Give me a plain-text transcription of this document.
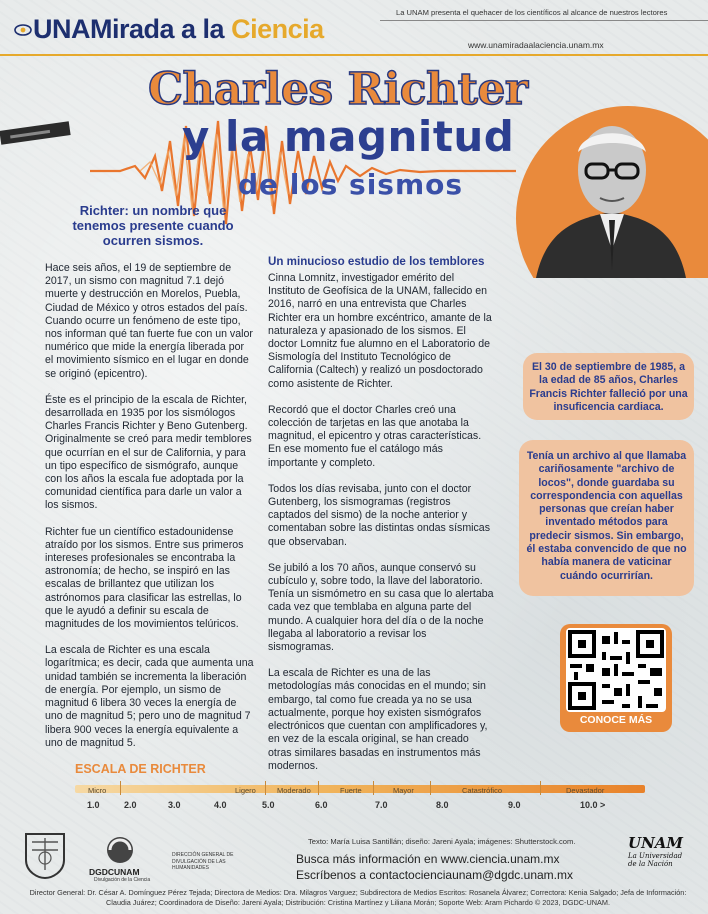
UNAMirada a la Ciencia
La UNAM presenta el quehacer de los científicos al alcance de nuestros lectores
www.unamiradaalaciencia.unam.mx
Charles Richter
y la magnitud
de los sismos
Richter: un nombre que tenemos presente cuando ocurren sismos.

Hace seis años, el 19 de septiembre de 2017, un sismo con magnitud 7.1 dejó muerte y destrucción en Morelos, Puebla, Ciudad de México y otros estados del país. Cuando ocurre un fenómeno de este tipo, nos informan qué tan fuerte fue con un valor numérico que mide la energía liberada por el movimiento sísmico en el lugar en donde se originó (epicentro).

Éste es el principio de la escala de Richter, desarrollada en 1935 por los sismólogos Charles Francis Richter y Beno Gutenberg. Originalmente se creó para medir temblores que ocurrían en el sur de California, y para un tipo específico de sismógrafo, aunque con los años la escala fue adoptada por la comunidad científica para darle un valor a los sismos.

Richter fue un científico estadounidense atraído por los sismos. Entre sus primeros intereses profesionales se encontraba la astronomía; de hecho, se inspiró en las escalas de brillantez que utilizan los astrónomos para clasificar las estrellas, lo que le ayudó a definir su escala de magnitudes de los movimientos telúricos.

La escala de Richter es una escala logarítmica; es decir, cada que aumenta una unidad también se incrementa la liberación de energía. Por ejemplo, un sismo de magnitud 6 libera 30 veces la energía de uno de magnitud 5; pero uno de magnitud 7 libera 900 veces la energía equivalente a uno de magnitud 5.

Un minucioso estudio de los temblores

Cinna Lomnitz, investigador emérito del Instituto de Geofísica de la UNAM, fallecido en 2016, narró en una entrevista que Charles Richter era un hombre excéntrico, amante de la naturaleza y apasionado de los sismos. El doctor Lomnitz fue alumno en el Laboratorio de Sismología del Instituto Tecnológico de California (Caltech) y realizó un posdoctorado como asistente de Richter.

Recordó que el doctor Charles creó una colección de tarjetas en las que anotaba la magnitud, el epicentro y otras características. En ese momento fue el catálogo más importante y completo.

Todos los días revisaba, junto con el doctor Gutenberg, los sismogramas (registros captados del sismo) de la noche anterior y comentaban sobre las distintas ondas sísmicas que observaban.

Se jubiló a los 70 años, aunque conservó su cubículo y, sobre todo, la llave del laboratorio. Tenía un sismómetro en su casa que lo alertaba cada vez que temblaba en alguna parte del mundo. A cualquier hora del día o de la noche llegaba al laboratorio a revisar los sismogramas.

La escala de Richter es una de las metodologías más conocidas en el mundo; sin embargo, tal como fue creada ya no se usa actualmente, porque hoy existen sismógrafos electrónicos que cuentan con amplificadores y, en vez de la escala original, se han creado otras similares basadas en instrumentos más modernos.

El 30 de septiembre de 1985, a la edad de 85 años, Charles Francis Richter falleció por una insuficencia cardiaca.
Tenía un archivo al que llamaba cariñosamente "archivo de locos", donde guardaba su correspondencia con aquellas personas que creían haber inventado métodos para predecir sismos. Sin embargo, él estaba convencido de que no había manera de vaticinar cuándo ocurrirían.
CONOCE MÁS
ESCALA DE RICHTER
Micro	Ligero	Moderado	Fuerte	Mayor	Catastrófico	Devastador
1.0	2.0	3.0	4.0	5.0	6.0	7.0	8.0	9.0	10.0 >
DGDCUNAM
Divulgación de la Ciencia
DIRECCIÓN GENERAL DE DIVULGACIÓN DE LAS HUMANIDADES
Texto: María Luisa Santillán; diseño: Jareni Ayala; imágenes: Shutterstock.com.
Busca más información en www.ciencia.unam.mx
Escríbenos a contactocienciaunam@dgdc.unam.mx
UNAM
La Universidad de la Nación
Director General: Dr. César A. Domínguez Pérez Tejada; Directora de Medios: Dra. Milagros Varguez; Subdirectora de Medios Escritos: Rosanela Álvarez; Correctora: Kenia Salgado; Jefa de Información: Claudia Juárez; Coordinadora de Diseño: Jareni Ayala; Distribución: Cristina Martínez y Liliana Morán; Soporte Web: Aram Pichardo © 2023, DGDC-UNAM.
